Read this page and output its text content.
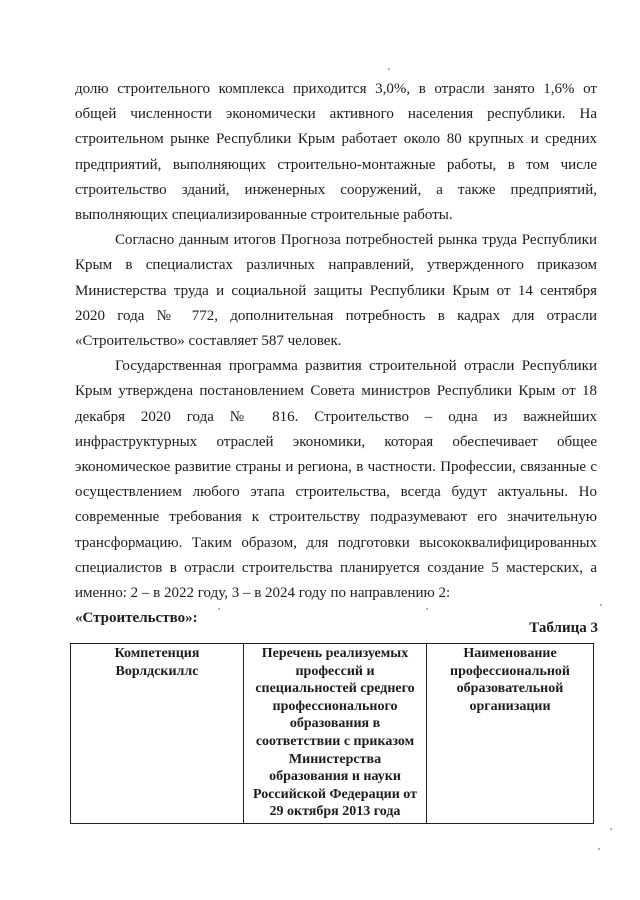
долю строительного комплекса приходится 3,0%, в отрасли занято 1,6% от общей численности экономически активного населения республики. На строительном рынке Республики Крым работает около 80 крупных и средних предприятий, выполняющих строительно-монтажные работы, в том числе строительство зданий, инженерных сооружений, а также предприятий, выполняющих специализированные строительные работы.

Согласно данным итогов Прогноза потребностей рынка труда Республики Крым в специалистах различных направлений, утвержденного приказом Министерства труда и социальной защиты Республики Крым от 14 сентября 2020 года № 772, дополнительная потребность в кадрах для отрасли «Строительство» составляет 587 человек.

Государственная программа развития строительной отрасли Республики Крым утверждена постановлением Совета министров Республики Крым от 18 декабря 2020 года № 816. Строительство – одна из важнейших инфраструктурных отраслей экономики, которая обеспечивает общее экономическое развитие страны и региона, в частности. Профессии, связанные с осуществлением любого этапа строительства, всегда будут актуальны. Но современные требования к строительству подразумевают его значительную трансформацию. Таким образом, для подготовки высококвалифицированных специалистов в отрасли строительства планируется создание 5 мастерских, а именно: 2 – в 2022 году, 3 – в 2024 году по направлению 2:

«Строительство»:

Таблица 3
Компетенция Ворлдскиллс	Перечень реализуемых профессий и специальностей среднего профессионального образования в соответствии с приказом Министерства образования и науки Российской Федерации от 29 октября 2013 года	Наименование профессиональной образовательной организации
